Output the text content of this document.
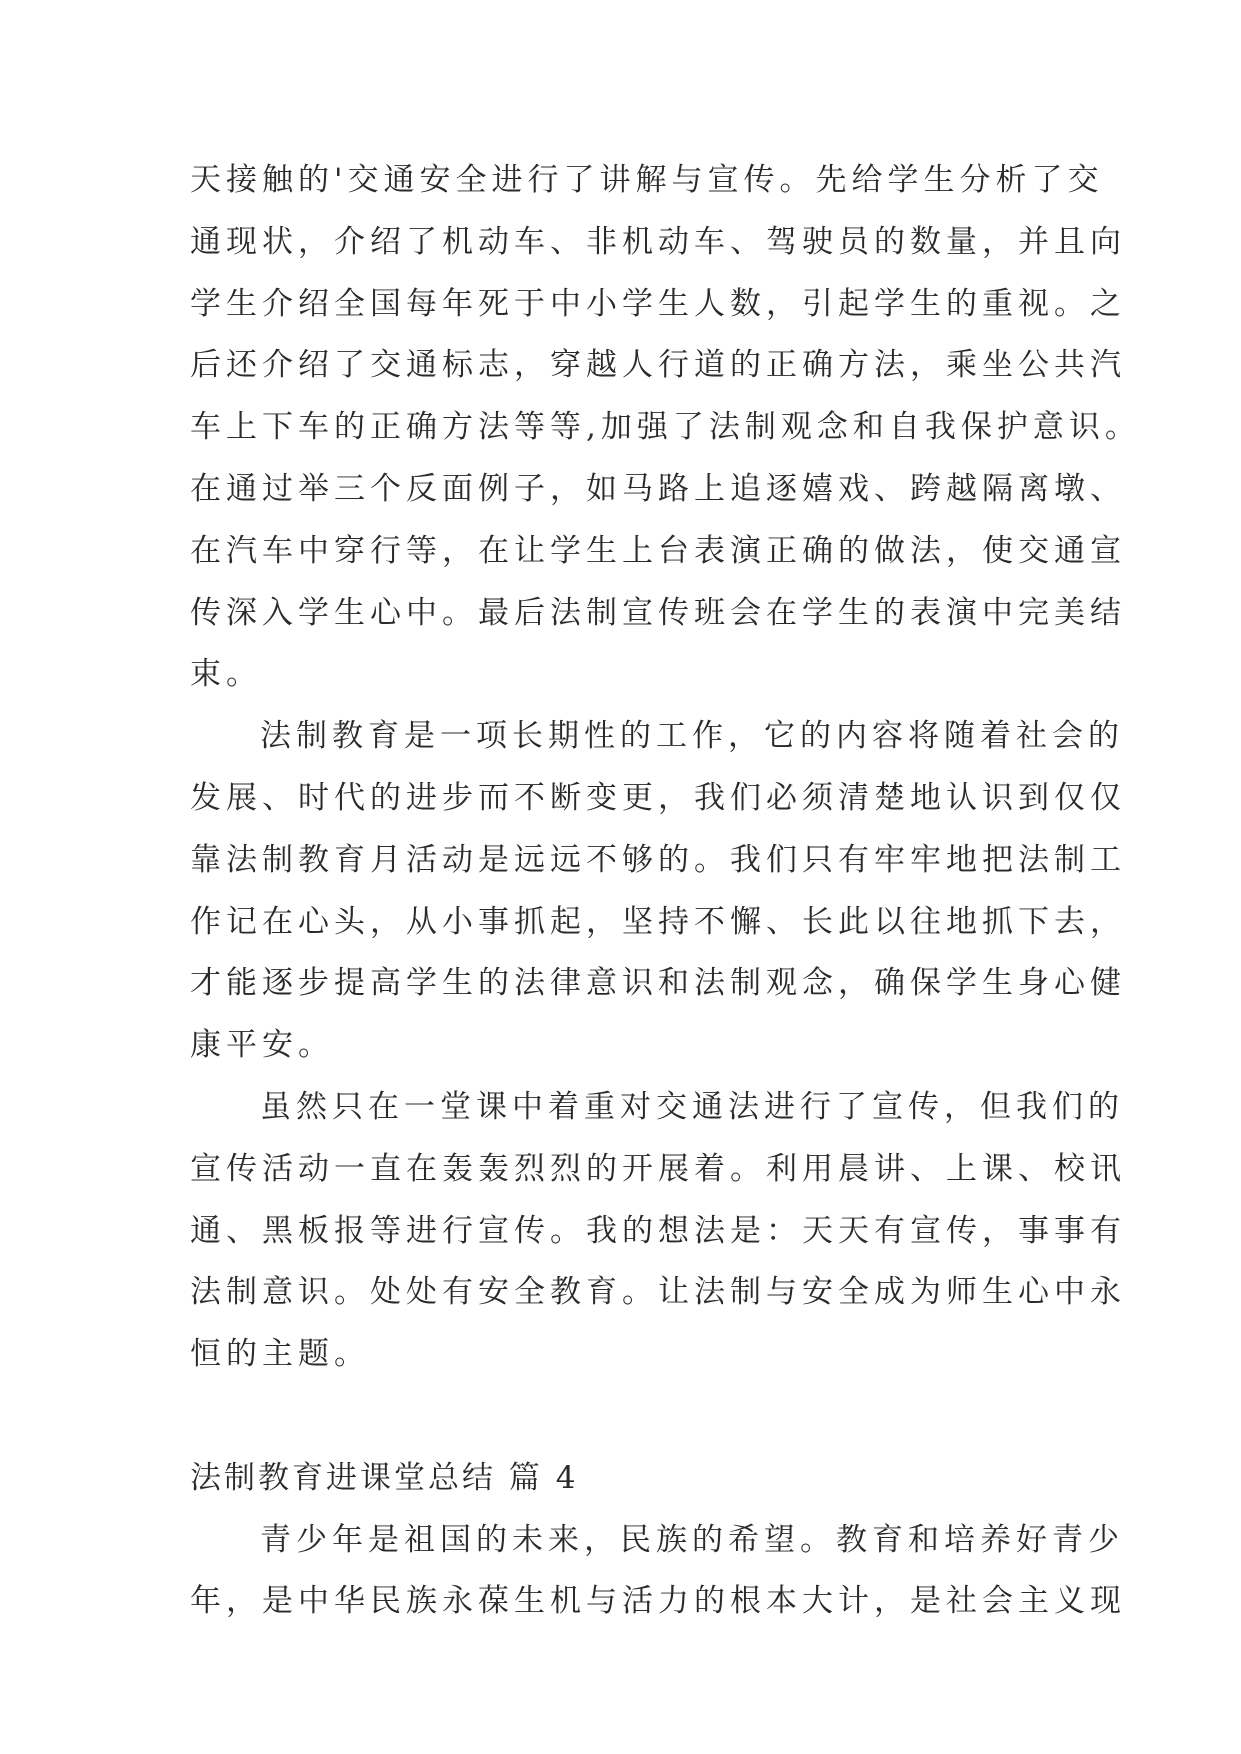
天接触的'交通安全进行了讲解与宣传。先给学生分析了交
通现状，介绍了机动车、非机动车、驾驶员的数量，并且向
学生介绍全国每年死于中小学生人数，引起学生的重视。之
后还介绍了交通标志，穿越人行道的正确方法，乘坐公共汽
车上下车的正确方法等等,加强了法制观念和自我保护意识。
在通过举三个反面例子，如马路上追逐嬉戏、跨越隔离墩、
在汽车中穿行等，在让学生上台表演正确的做法，使交通宣
传深入学生心中。最后法制宣传班会在学生的表演中完美结
束。
法制教育是一项长期性的工作，它的内容将随着社会的
发展、时代的进步而不断变更，我们必须清楚地认识到仅仅
靠法制教育月活动是远远不够的。我们只有牢牢地把法制工
作记在心头，从小事抓起，坚持不懈、长此以往地抓下去，
才能逐步提高学生的法律意识和法制观念，确保学生身心健
康平安。
虽然只在一堂课中着重对交通法进行了宣传，但我们的
宣传活动一直在轰轰烈烈的开展着。利用晨讲、上课、校讯
通、黑板报等进行宣传。我的想法是：天天有宣传，事事有
法制意识。处处有安全教育。让法制与安全成为师生心中永
恒的主题。
法制教育进课堂总结 篇 4
青少年是祖国的未来，民族的希望。教育和培养好青少
年，是中华民族永葆生机与活力的根本大计，是社会主义现
